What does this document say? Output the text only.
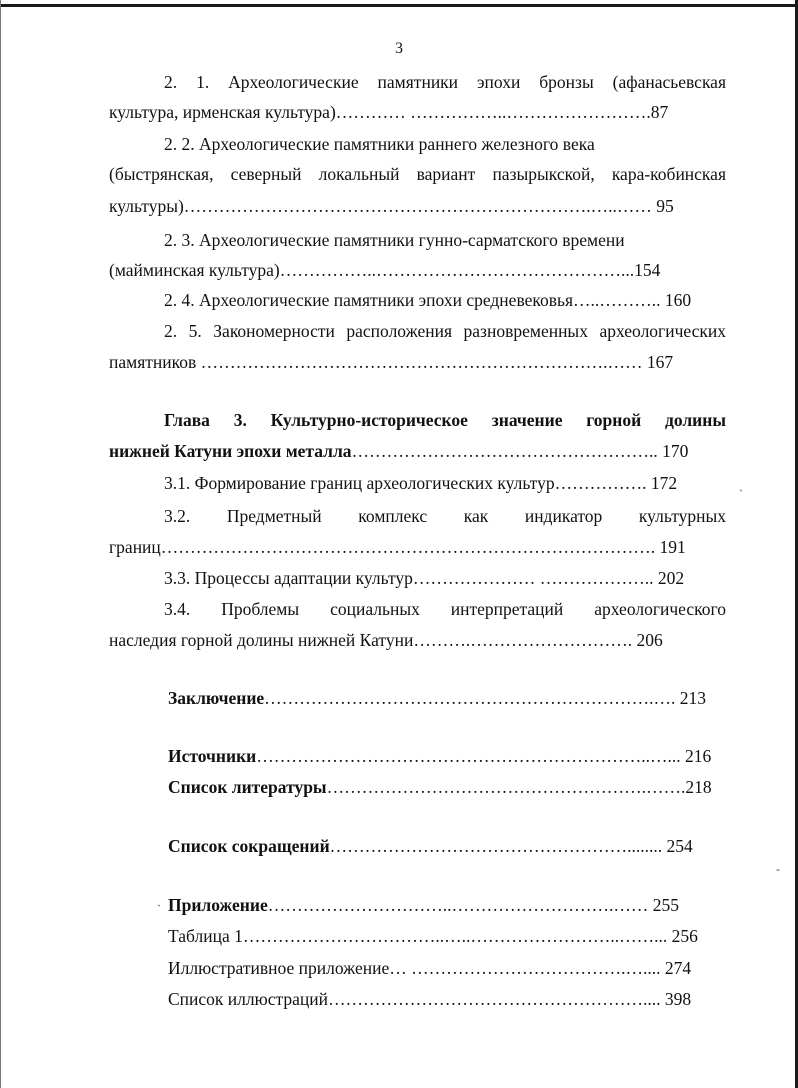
3
2. 1. Археологические памятники эпохи бронзы (афанасьевская
культура, ирменская культура)………… ……………..…………………….87
2. 2. Археологические памятники раннего железного века
(быстрянская, северный локальный вариант пазырыкской, кара-кобинская
культуры)…………………………………………………………….…..…… 95
2. 3. Археологические памятники гунно-сарматского времени
(майминская культура)……………..……………………………………...154
2. 4. Археологические памятники эпохи средневековья…..……….. 160
2. 5. Закономерности расположения разновременных археологических
памятников …………………………………………………………….…… 167
Глава 3. Культурно-историческое значение горной долины
нижней Катуни эпохи металла…………………………………………….. 170
3.1. Формирование границ археологических культур……………. 172
3.2. Предметный комплекс как индикатор культурных
границ…………………………………………………………………………. 191
3.3. Процессы адаптации культур………………… ……………….. 202
3.4. Проблемы социальных интерпретаций археологического
наследия горной долины нижней Катуни……….………………………. 206
Заключение………………………………………………………….…. 213
Источники…………………………………………………………..…... 216
Список литературы……………………………………………….…….218
Список сокращений……………………………………………........ 254
Приложение…………………………..……………………….…… 255
Таблица 1……………………………..…..……………………..……... 256
Иллюстративное приложение… ……………………………….….... 274
Список иллюстраций……………………………………………….... 398
ˎ
-
ˎ
